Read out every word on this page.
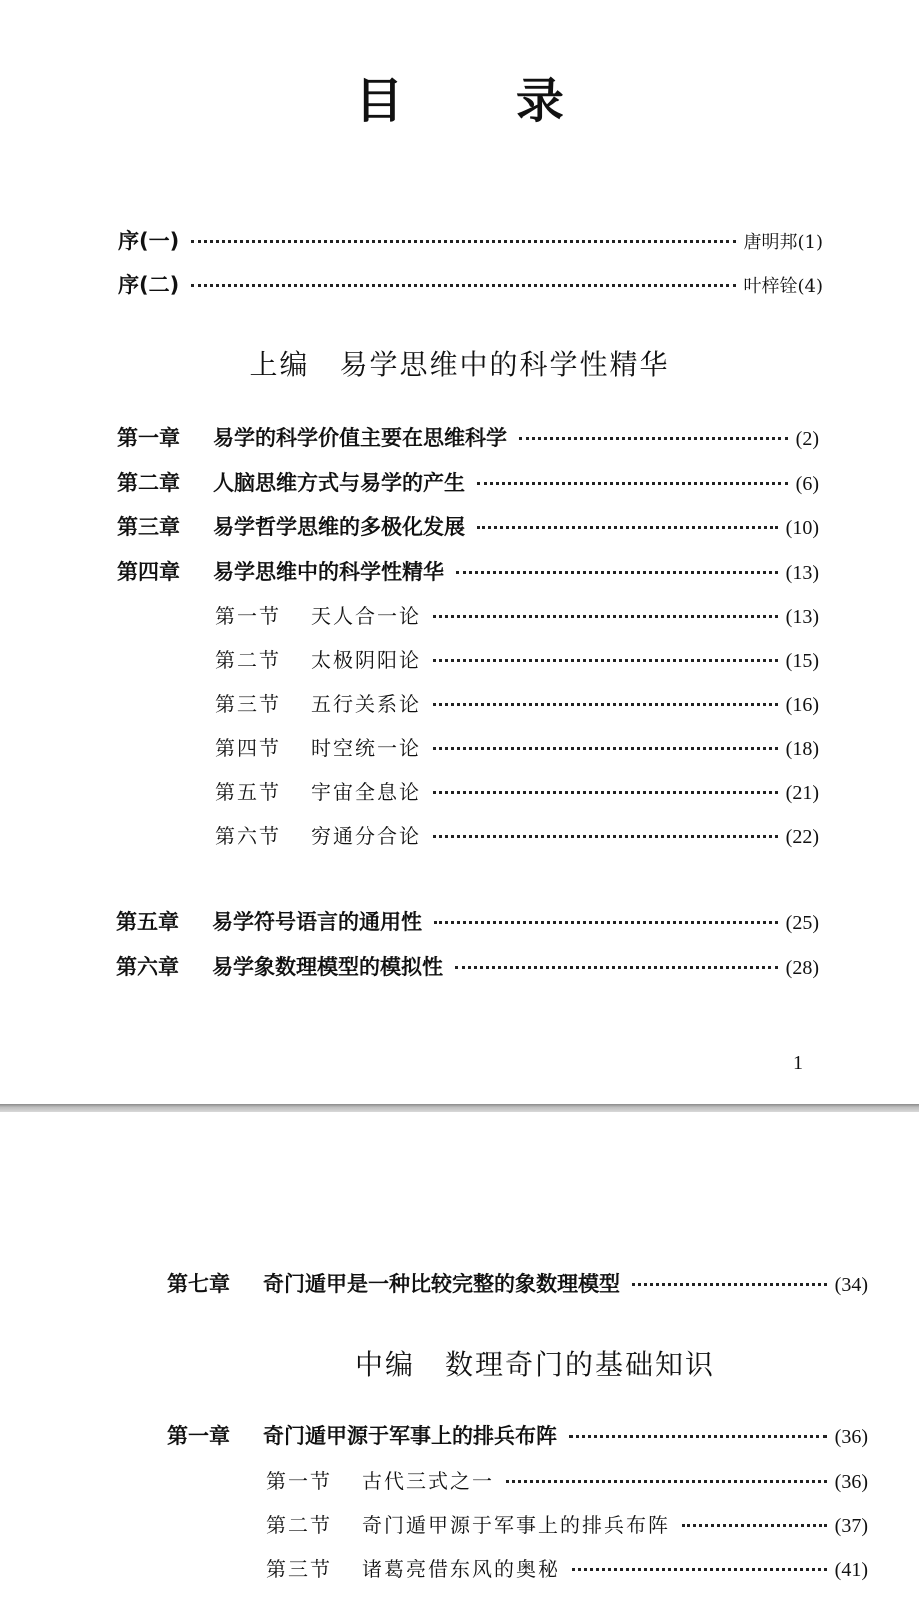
目 录
序(一)	唐明邦(1)
序(二)	叶梓铨(4)
上编　易学思维中的科学性精华
第一章	易学的科学价值主要在思维科学	(2)
第二章	人脑思维方式与易学的产生	(6)
第三章	易学哲学思维的多极化发展	(10)
第四章	易学思维中的科学性精华	(13)
第一节	天人合一论	(13)
第二节	太极阴阳论	(15)
第三节	五行关系论	(16)
第四节	时空统一论	(18)
第五节	宇宙全息论	(21)
第六节	穷通分合论	(22)
第五章	易学符号语言的通用性	(25)
第六章	易学象数理模型的模拟性	(28)
1
第七章	奇门遁甲是一种比较完整的象数理模型	(34)
中编　数理奇门的基础知识
第一章	奇门遁甲源于军事上的排兵布阵	(36)
第一节	古代三式之一	(36)
第二节	奇门遁甲源于军事上的排兵布阵	(37)
第三节	诸葛亮借东风的奥秘	(41)
